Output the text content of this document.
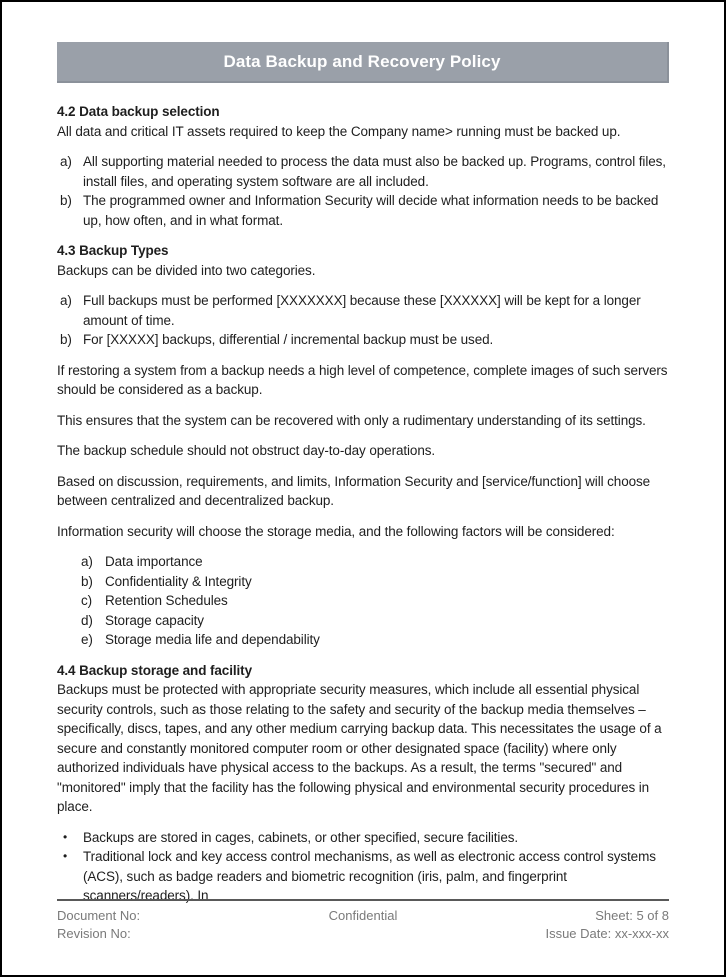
Data Backup and Recovery Policy
4.2 Data backup selection

All data and critical IT assets required to keep the Company name> running must be backed up.

a) All supporting material needed to process the data must also be backed up. Programs, control files, install files, and operating system software are all included.
b) The programmed owner and Information Security will decide what information needs to be backed up, how often, and in what format.
4.3 Backup Types

Backups can be divided into two categories.

a) Full backups must be performed [XXXXXXX] because these [XXXXXX] will be kept for a longer amount of time.
b) For [XXXXX] backups, differential / incremental backup must be used.

If restoring a system from a backup needs a high level of competence, complete images of such servers should be considered as a backup.

This ensures that the system can be recovered with only a rudimentary understanding of its settings.

The backup schedule should not obstruct day-to-day operations.

Based on discussion, requirements, and limits, Information Security and [service/function] will choose between centralized and decentralized backup.

Information security will choose the storage media, and the following factors will be considered:

a) Data importance
b) Confidentiality & Integrity
c) Retention Schedules
d) Storage capacity
e) Storage media life and dependability
4.4 Backup storage and facility

Backups must be protected with appropriate security measures, which include all essential physical security controls, such as those relating to the safety and security of the backup media themselves – specifically, discs, tapes, and any other medium carrying backup data. This necessitates the usage of a secure and constantly monitored computer room or other designated space (facility) where only authorized individuals have physical access to the backups. As a result, the terms "secured" and "monitored" imply that the facility has the following physical and environmental security procedures in place.

• Backups are stored in cages, cabinets, or other specified, secure facilities.
• Traditional lock and key access control mechanisms, as well as electronic access control systems (ACS), such as badge readers and biometric recognition (iris, palm, and fingerprint scanners/readers). In
Document No:
Revision No:
Confidential	Sheet: 5 of 8
Issue Date: xx-xxx-xx
